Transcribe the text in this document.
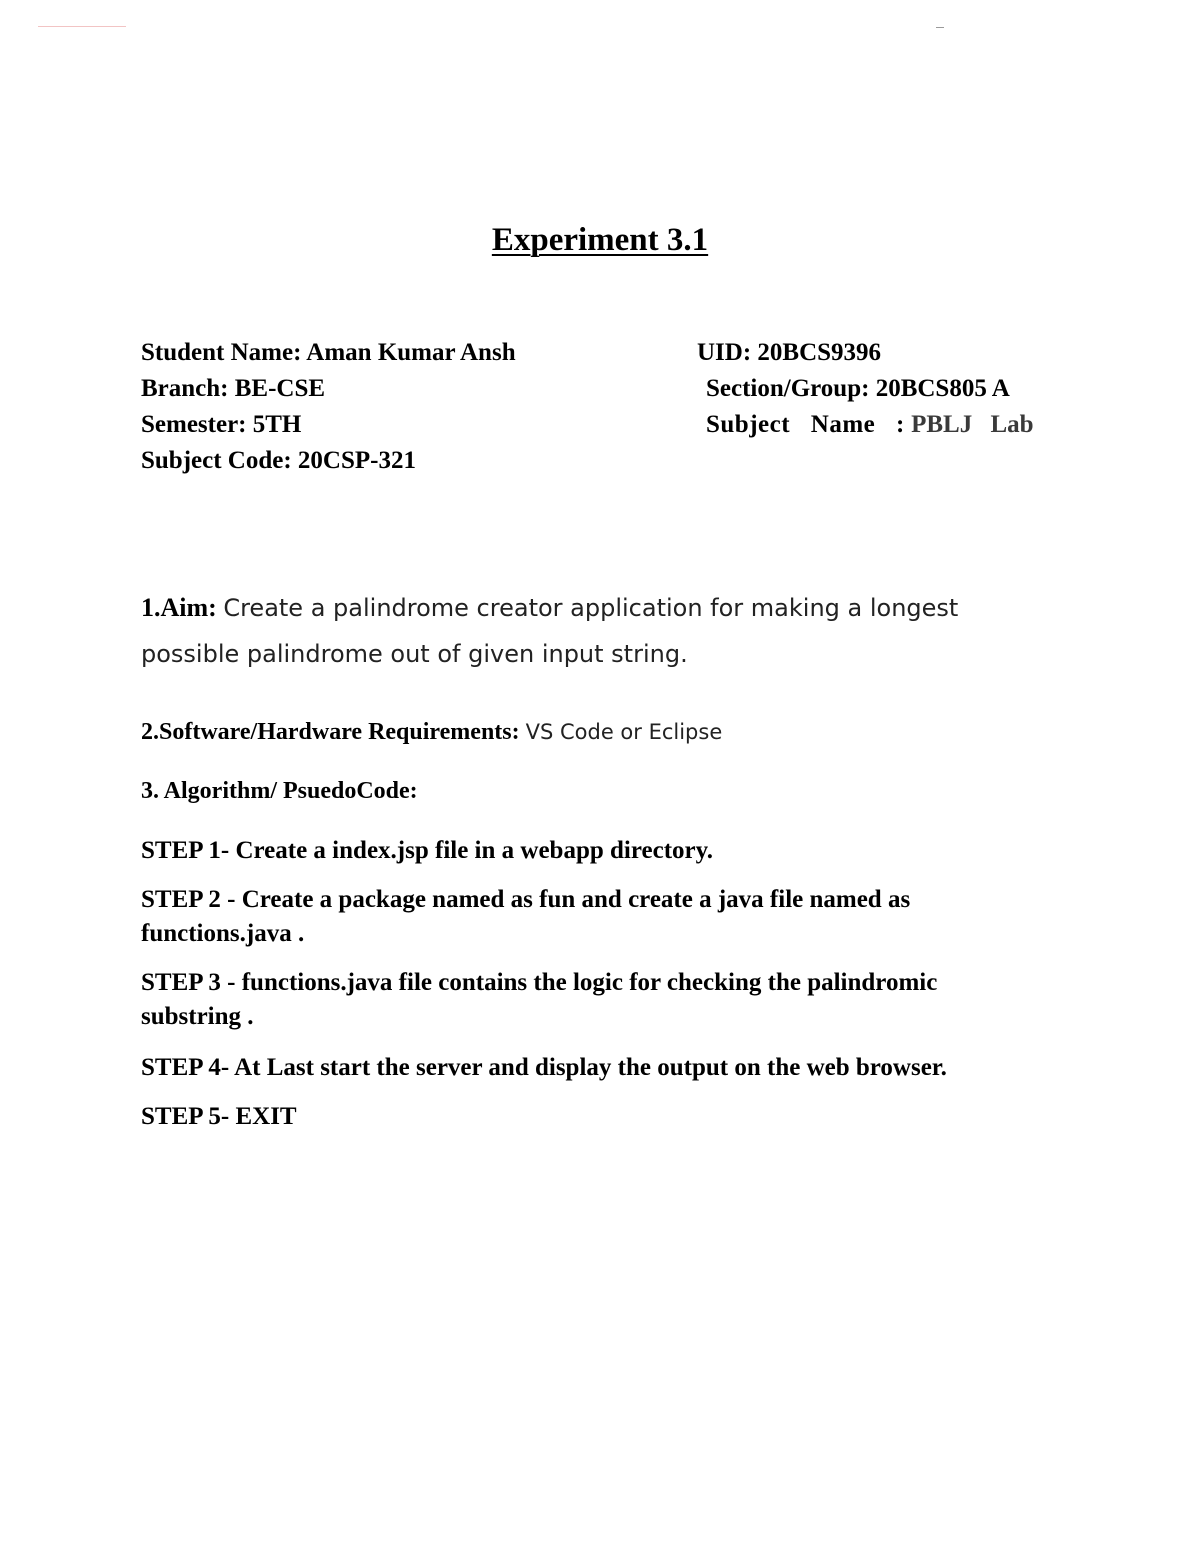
Experiment 3.1
Student Name: Aman Kumar Ansh
Branch: BE-CSE
Semester: 5TH
Subject Code: 20CSP-321
UID: 20BCS9396
Section/Group: 20BCS805 A
Subject Name : PBLJ Lab

1.Aim: Create a palindrome creator application for making a longest possible palindrome out of given input string.

2.Software/Hardware Requirements: VS Code or Eclipse

3. Algorithm/ PsuedoCode:

STEP 1- Create a index.jsp file in a webapp directory.

STEP 2 - Create a package named as fun and create a java file named as functions.java .

STEP 3 - functions.java file contains the logic for checking the palindromic substring .

STEP 4- At Last start the server and display the output on the web browser.

STEP 5- EXIT
